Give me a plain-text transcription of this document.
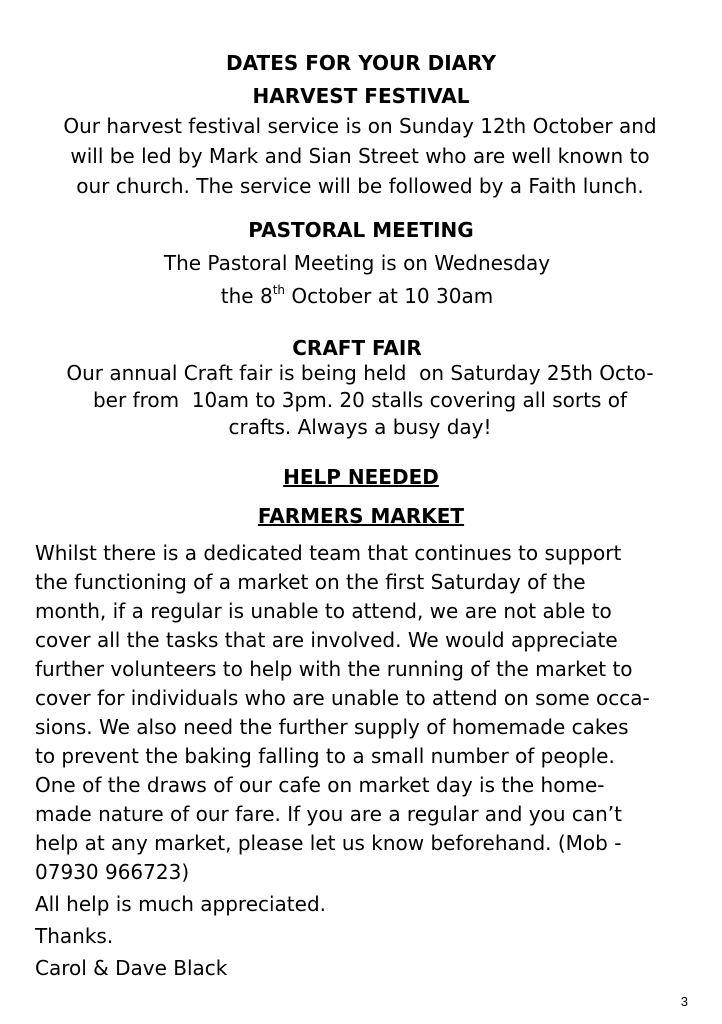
DATES FOR YOUR DIARY

HARVEST FESTIVAL

Our harvest festival service is on Sunday 12th October and
will be led by Mark and Sian Street who are well known to
our church. The service will be followed by a Faith lunch.

PASTORAL MEETING

The Pastoral Meeting is on Wednesday

the 8th October at 10 30am

CRAFT FAIR

Our annual Craft fair is being held  on Saturday 25th Octo-
ber from  10am to 3pm. 20 stalls covering all sorts of
crafts. Always a busy day!

HELP NEEDED

FARMERS MARKET

Whilst there is a dedicated team that continues to support
the functioning of a market on the first Saturday of the
month, if a regular is unable to attend, we are not able to
cover all the tasks that are involved. We would appreciate
further volunteers to help with the running of the market to
cover for individuals who are unable to attend on some occa-
sions. We also need the further supply of homemade cakes
to prevent the baking falling to a small number of people.
One of the draws of our cafe on market day is the home-
made nature of our fare. If you are a regular and you can’t
help at any market, please let us know beforehand. (Mob -
07930 966723)

All help is much appreciated.

Thanks.

Carol & Dave Black

3
